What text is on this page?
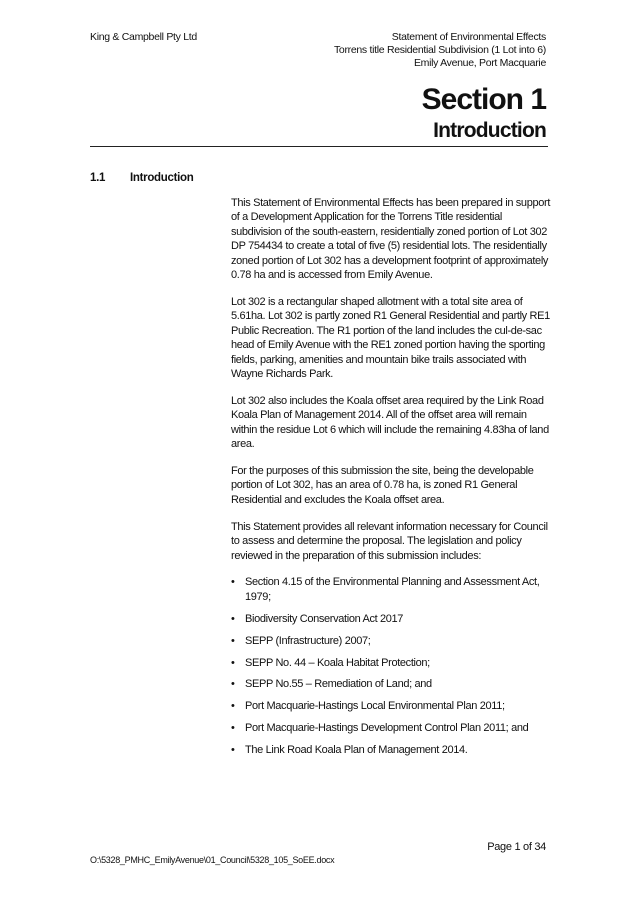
King & Campbell Pty Ltd	Statement of Environmental Effects
Torrens title Residential Subdivision (1 Lot into 6)
Emily Avenue, Port Macquarie
Section 1
Introduction
1.1 Introduction

This Statement of Environmental Effects has been prepared in support of a Development Application for the Torrens Title residential subdivision of the south-eastern, residentially zoned portion of Lot 302 DP 754434 to create a total of five (5) residential lots. The residentially zoned portion of Lot 302 has a development footprint of approximately 0.78 ha and is accessed from Emily Avenue.

Lot 302 is a rectangular shaped allotment with a total site area of 5.61ha. Lot 302 is partly zoned R1 General Residential and partly RE1 Public Recreation. The R1 portion of the land includes the cul-de-sac head of Emily Avenue with the RE1 zoned portion having the sporting fields, parking, amenities and mountain bike trails associated with Wayne Richards Park.

Lot 302 also includes the Koala offset area required by the Link Road Koala Plan of Management 2014. All of the offset area will remain within the residue Lot 6 which will include the remaining 4.83ha of land area.

For the purposes of this submission the site, being the developable portion of Lot 302, has an area of 0.78 ha, is zoned R1 General Residential and excludes the Koala offset area.

This Statement provides all relevant information necessary for Council to assess and determine the proposal. The legislation and policy reviewed in the preparation of this submission includes:

• Section 4.15 of the Environmental Planning and Assessment Act, 1979;
• Biodiversity Conservation Act 2017
• SEPP (Infrastructure) 2007;
• SEPP No. 44 – Koala Habitat Protection;
• SEPP No.55 – Remediation of Land; and
• Port Macquarie-Hastings Local Environmental Plan 2011;
• Port Macquarie-Hastings Development Control Plan 2011; and
• The Link Road Koala Plan of Management 2014.
Page 1 of 34
O:\5328_PMHC_EmilyAvenue\01_Council\5328_105_SoEE.docx
